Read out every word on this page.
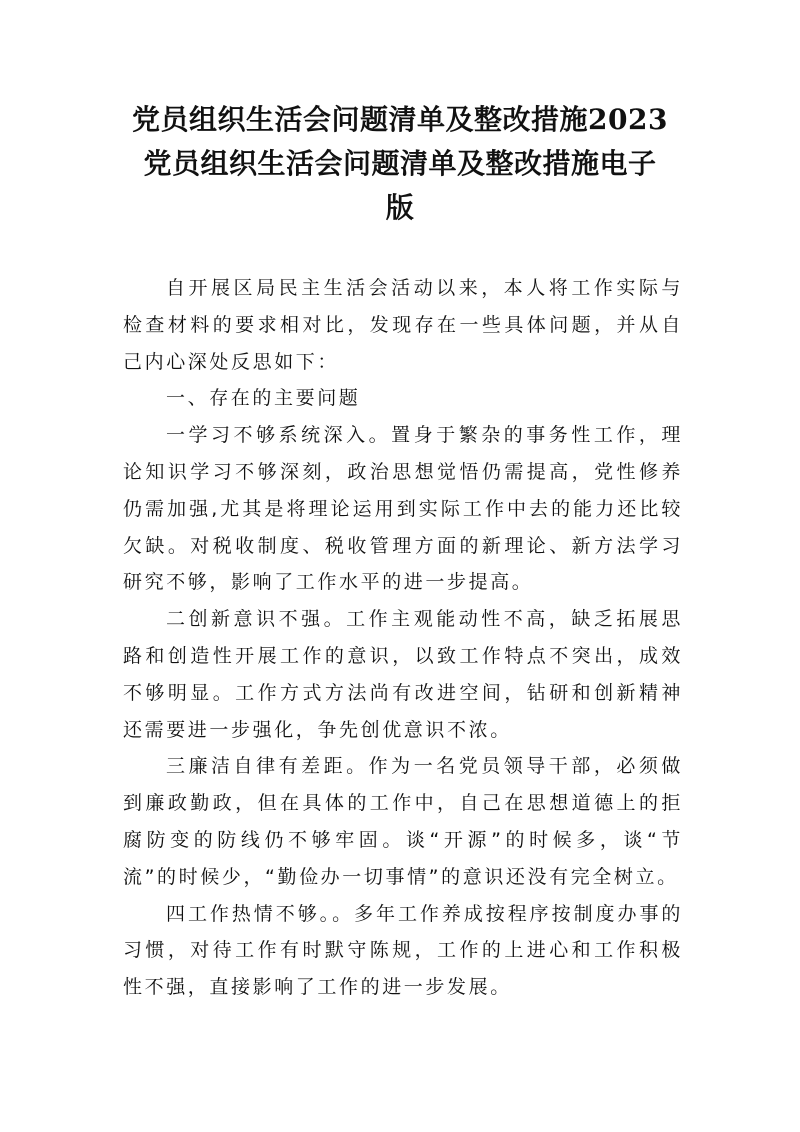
党员组织生活会问题清单及整改措施2023
党员组织生活会问题清单及整改措施电子
版

自开展区局民主生活会活动以来，本人将工作实际与检查材料的要求相对比，发现存在一些具体问题，并从自己内心深处反思如下：

一、存在的主要问题

一学习不够系统深入。置身于繁杂的事务性工作，理论知识学习不够深刻，政治思想觉悟仍需提高，党性修养仍需加强,尤其是将理论运用到实际工作中去的能力还比较欠缺。对税收制度、税收管理方面的新理论、新方法学习研究不够，影响了工作水平的进一步提高。

二创新意识不强。工作主观能动性不高，缺乏拓展思路和创造性开展工作的意识，以致工作特点不突出，成效不够明显。工作方式方法尚有改进空间，钻研和创新精神还需要进一步强化，争先创优意识不浓。

三廉洁自律有差距。作为一名党员领导干部，必须做到廉政勤政，但在具体的工作中，自己在思想道德上的拒腐防变的防线仍不够牢固。谈“开源”的时候多，谈“节流”的时候少，“勤俭办一切事情”的意识还没有完全树立。

四工作热情不够。。多年工作养成按程序按制度办事的习惯，对待工作有时默守陈规，工作的上进心和工作积极性不强，直接影响了工作的进一步发展。
